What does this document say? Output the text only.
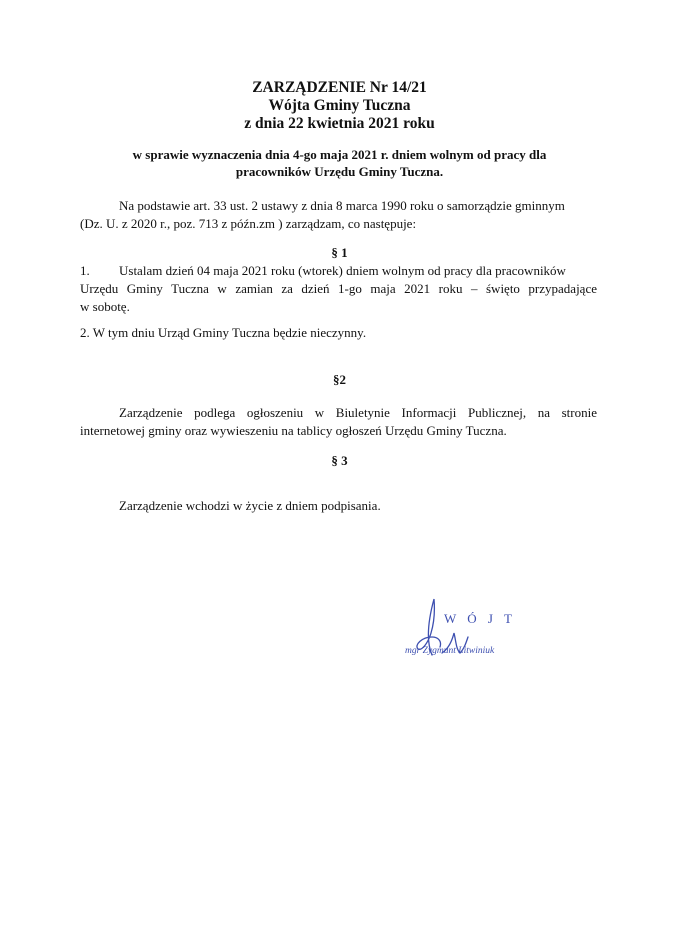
ZARZĄDZENIE Nr 14/21
Wójta Gminy Tuczna
z dnia 22 kwietnia 2021 roku
w sprawie wyznaczenia dnia 4-go maja 2021 r. dniem wolnym od pracy dla
pracowników Urzędu Gminy Tuczna.
Na podstawie art. 33 ust. 2 ustawy z dnia 8 marca 1990 roku o samorządzie gminnym
(Dz. U. z 2020 r., poz. 713 z późn.zm ) zarządzam, co następuje:
§ 1
1. Ustalam dzień 04 maja 2021 roku (wtorek) dniem wolnym od pracy dla pracowników
Urzędu Gminy Tuczna w zamian za dzień 1-go maja 2021 roku – święto przypadające
w sobotę.
2. W tym dniu Urząd Gminy Tuczna będzie nieczynny.
§2
Zarządzenie podlega ogłoszeniu w Biuletynie Informacji Publicznej, na stronie
internetowej gminy oraz wywieszeniu na tablicy ogłoszeń Urzędu Gminy Tuczna.
§ 3
Zarządzenie wchodzi w życie z dniem podpisania.
W Ó J T
mgr Zygmunt Litwiniuk
